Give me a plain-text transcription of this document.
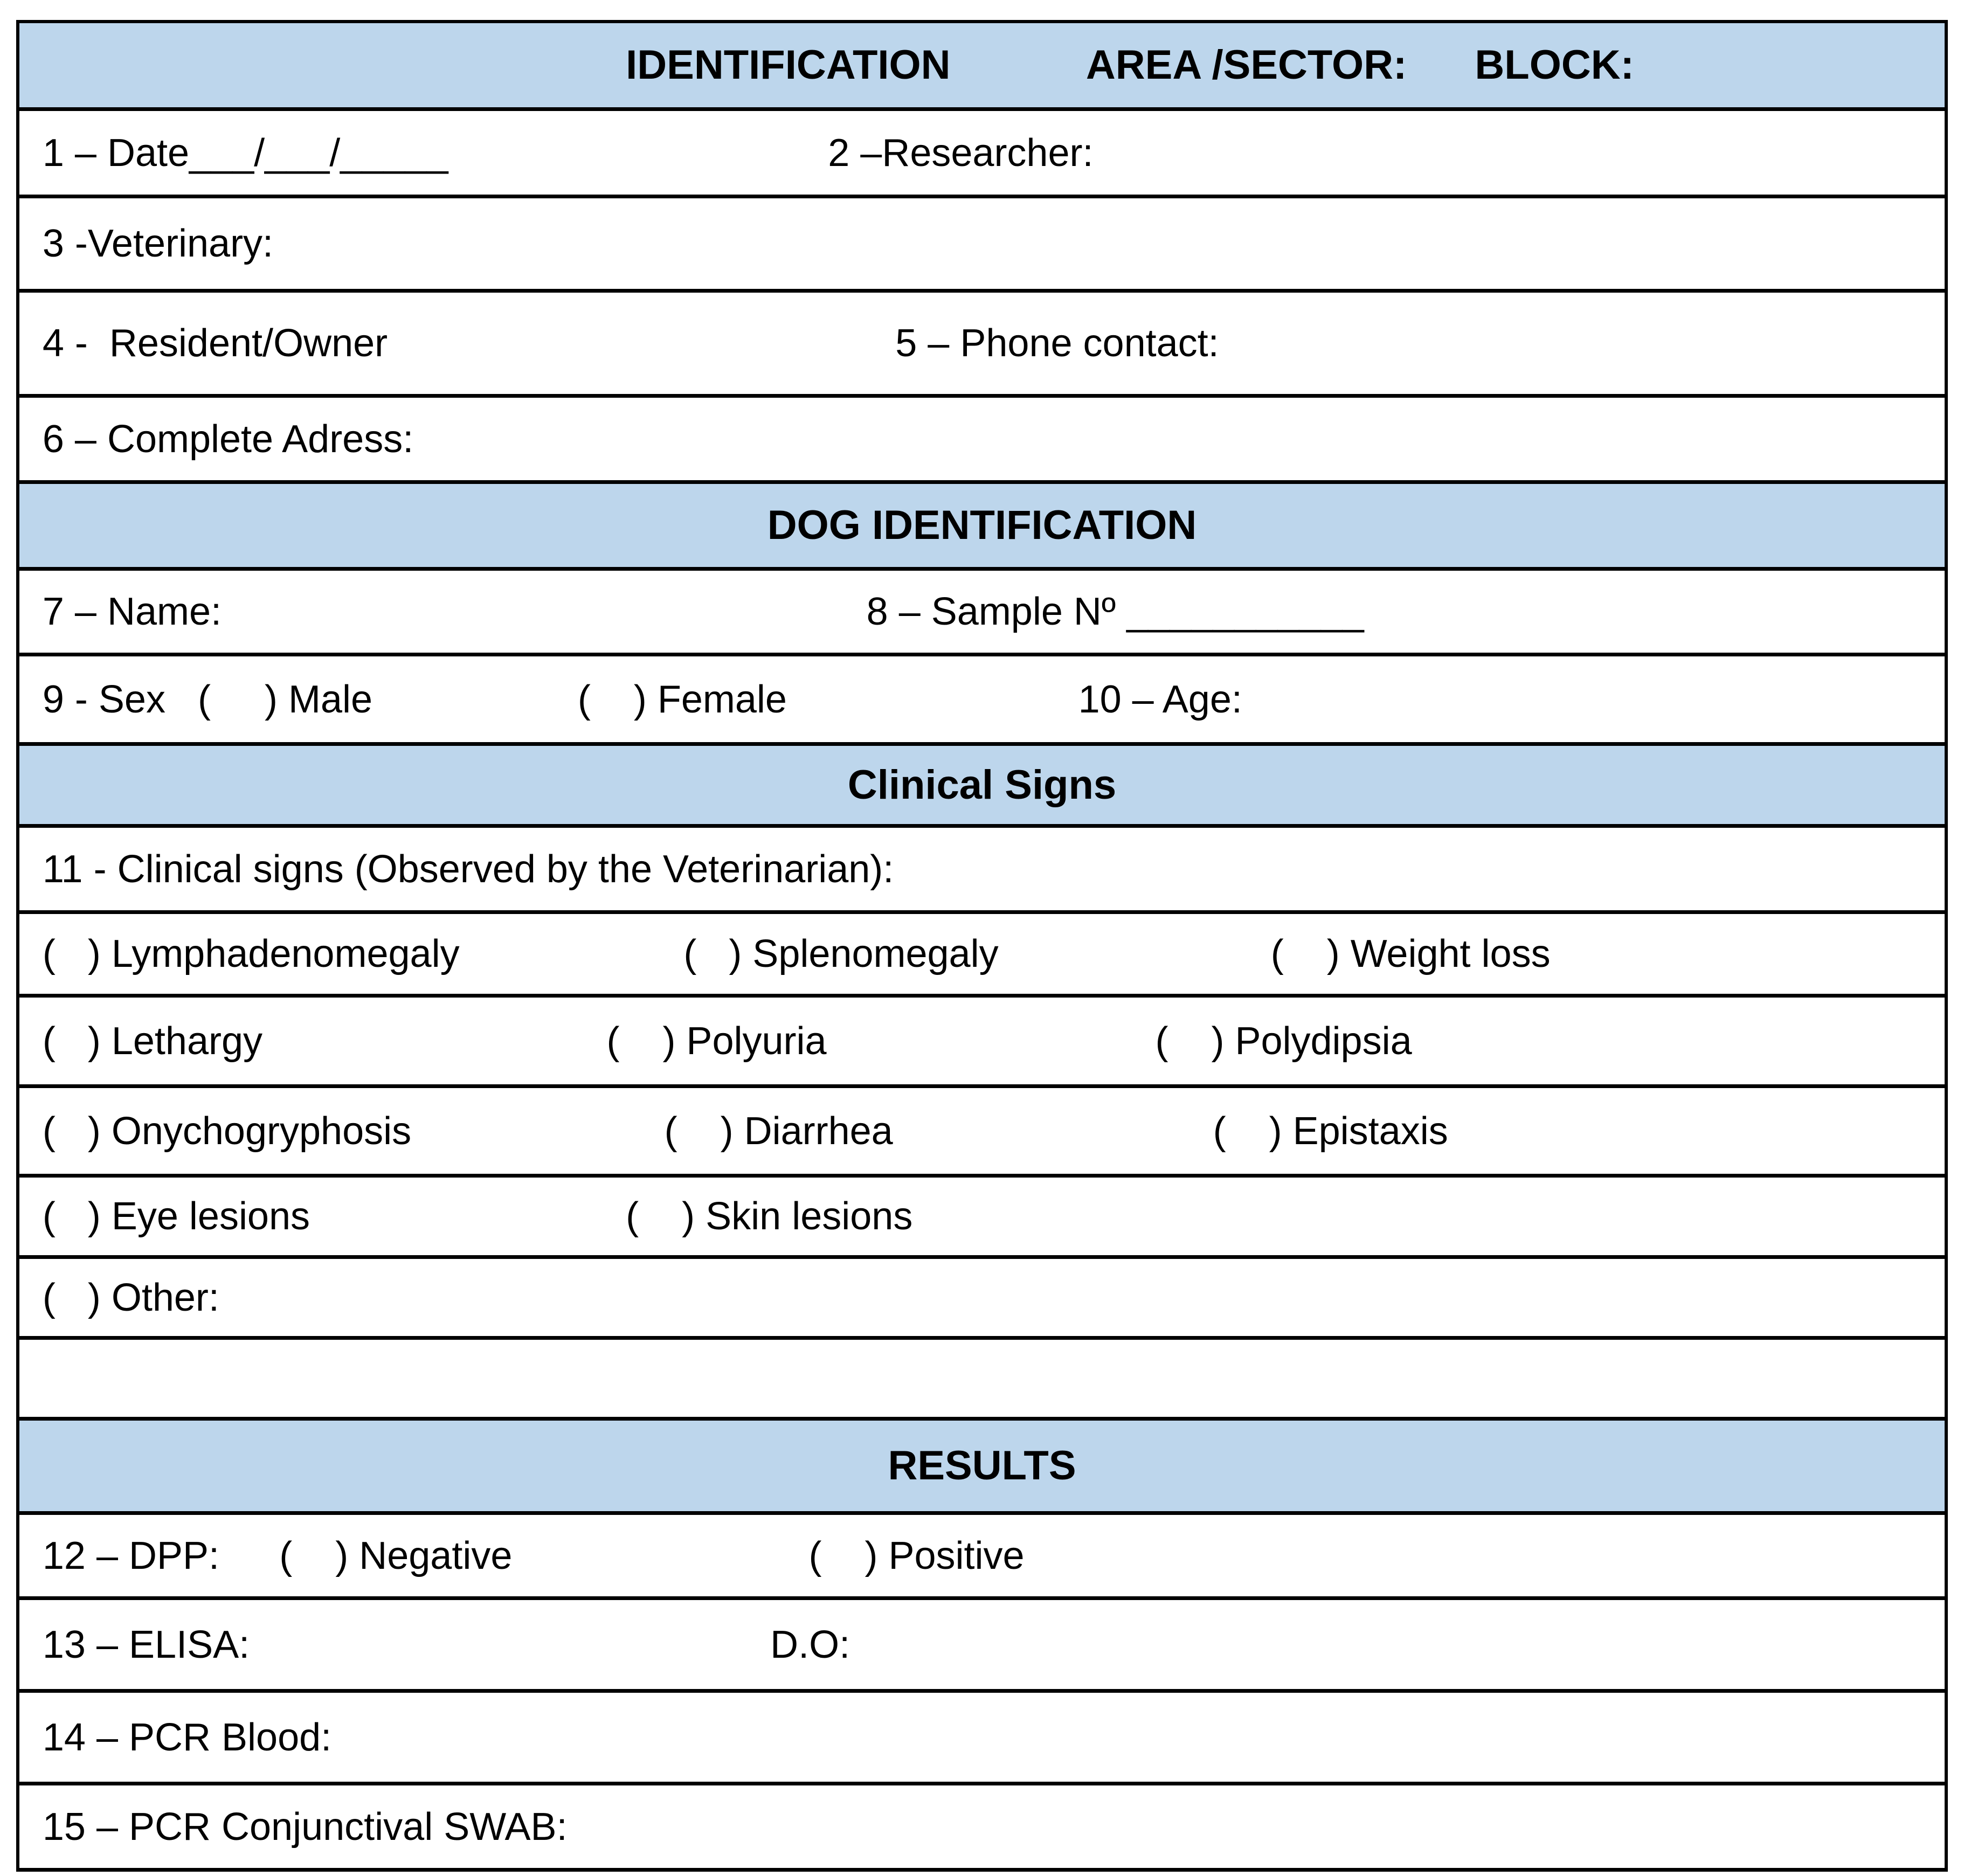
IDENTIFICATION	AREA /SECTOR: BLOCK:
1 – Date___/___/_____	2 –Researcher:
3 -Veterinary:
4 -  Resident/Owner	5 – Phone contact:
6 – Complete Adress:
DOG IDENTIFICATION
7 – Name:	8 – Sample Nº ___________
9 - Sex   (     ) Male	(    ) Female	10 – Age:
Clinical Signs
11 - Clinical signs (Observed by the Veterinarian):
(   ) Lymphadenomegaly	(   ) Splenomegaly	(    ) Weight loss
(   ) Lethargy	(    ) Polyuria	(    ) Polydipsia
(   ) Onychogryphosis	(    ) Diarrhea	(    ) Epistaxis
(   ) Eye lesions	(    ) Skin lesions
(   ) Other:
RESULTS
12 – DPP: (    ) Negative	(    ) Positive
13 – ELISA:	D.O:
14 – PCR Blood:
15 – PCR Conjunctival SWAB:
